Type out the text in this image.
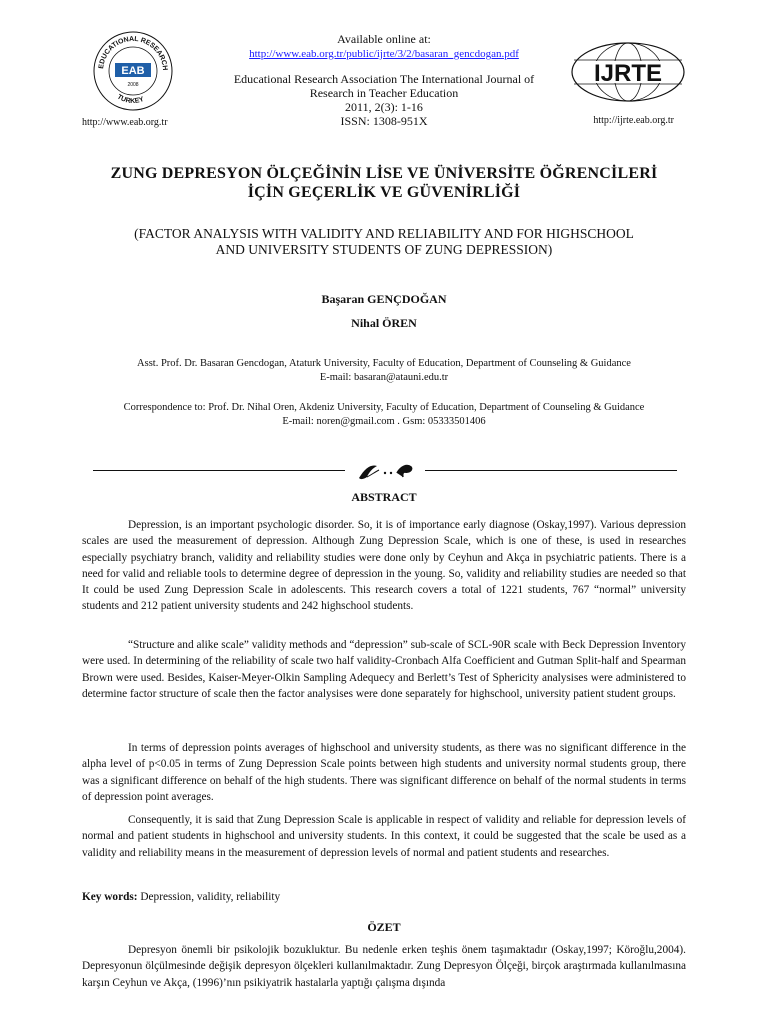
EDUCATIONAL RESEARCH
TURKEY
EAB
2008
Available online at:
http://www.eab.org.tr/public/ijrte/3/2/basaran_gencdogan.pdf
Educational Research Association The International Journal of
Research in Teacher Education
2011, 2(3): 1-16
ISSN: 1308-951X
IJRTE
http://www.eab.org.tr	http://ijrte.eab.org.tr
ZUNG DEPRESYON ÖLÇEĞİNİN LİSE VE ÜNİVERSİTE ÖĞRENCİLERİ
İÇİN GEÇERLİK VE GÜVENİRLİĞİ
(FACTOR ANALYSIS WITH VALIDITY AND RELIABILITY AND FOR HIGHSCHOOL
AND UNIVERSITY STUDENTS OF ZUNG DEPRESSION)
Başaran GENÇDOĞAN
Nihal ÖREN
Asst. Prof. Dr. Basaran Gencdogan, Ataturk University, Faculty of Education, Department of Counseling & Guidance
E-mail: basaran@atauni.edu.tr
Correspondence to: Prof. Dr. Nihal Oren, Akdeniz University, Faculty of Education, Department of Counseling & Guidance
E-mail: noren@gmail.com . Gsm: 05333501406
ABSTRACT
Depression, is an important psychologic disorder. So, it is of importance early diagnose (Oskay,1997). Various depression scales are used the measurement of depression. Although Zung Depression Scale, which is one of these, is used in researches especially psychiatry branch, validity and reliability studies were done only by Ceyhun and Akça in psychiatric patients. There is a need for valid and reliable tools to determine degree of depression in the young. So, validity and reliability studies are needed so that It could be used Zung Depression Scale in adolescents. This research covers a total of 1221 students, 767 “normal” university students and 212 patient university students and 242 highschool students.
“Structure and alike scale” validity methods and “depression” sub-scale of SCL-90R scale with Beck Depression Inventory were used. In determining of the reliability of scale two half validity-Cronbach Alfa Coefficient and Gutman Split-half and Spearman Brown were used. Besides, Kaiser-Meyer-Olkin Sampling Adequecy and Berlett’s Test of Sphericity analysises were administered to determine factor structure of scale then the factor analysises were done separately for highschool, university patient student groups.
In terms of depression points averages of highschool and university students, as there was no significant difference in the alpha level of p<0.05 in terms of Zung Depression Scale points between high students and university normal students group, there was a significant difference on behalf of the high students. There was significant difference on behalf of the normal students in terms of depression point averages.
Consequently, it is said that Zung Depression Scale is applicable in respect of validity and reliable for depression levels of normal and patient students in highschool and university students. In this context, it could be suggested that the scale be used as a validity and reliability means in the measurement of depression levels of normal and patient students and researches.
Key words: Depression, validity, reliability
ÖZET
Depresyon önemli bir psikolojik bozukluktur. Bu nedenle erken teşhis önem taşımaktadır (Oskay,1997; Köroğlu,2004). Depresyonun ölçülmesinde değişik depresyon ölçekleri kullanılmaktadır. Zung Depresyon Ölçeği, birçok araştırmada kullanılmasına karşın Ceyhun ve Akça, (1996)’nın psikiyatrik hastalarla yaptığı çalışma dışında
